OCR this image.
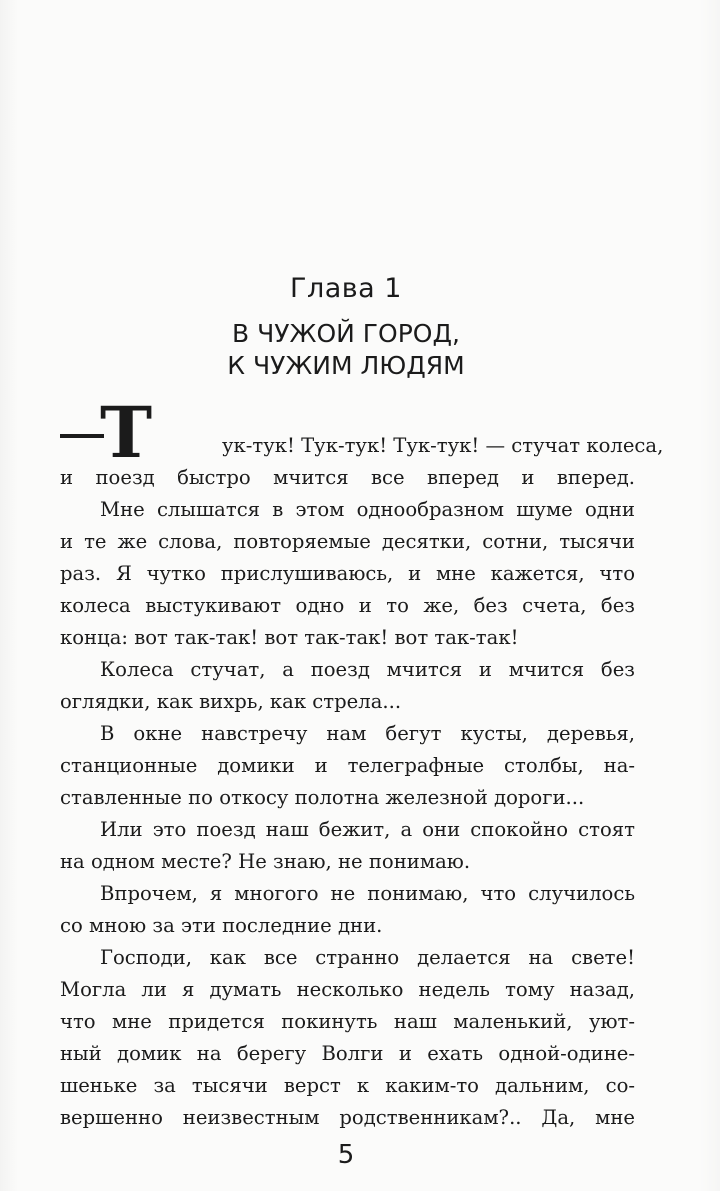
Глава 1
В ЧУЖОЙ ГОРОД,
К ЧУЖИМ ЛЮДЯМ
Т	ук-тук! Тук-тук! Тук-тук! — стучат колеса,
и поезд быстро мчится все вперед и вперед.
Мне слышатся в этом однообразном шуме одни
и те же слова, повторяемые десятки, сотни, тысячи
раз. Я чутко прислушиваюсь, и мне кажется, что
колеса выстукивают одно и то же, без счета, без
конца: вот так-так! вот так-так! вот так-так!
Колеса стучат, а поезд мчится и мчится без
оглядки, как вихрь, как стрела...
В окне навстречу нам бегут кусты, деревья,
станционные домики и телеграфные столбы, на-
ставленные по откосу полотна железной дороги...
Или это поезд наш бежит, а они спокойно стоят
на одном месте? Не знаю, не понимаю.
Впрочем, я многого не понимаю, что случилось
со мною за эти последние дни.
Господи, как все странно делается на свете!
Могла ли я думать несколько недель тому назад,
что мне придется покинуть наш маленький, уют-
ный домик на берегу Волги и ехать одной-одине-
шеньке за тысячи верст к каким-то дальним, со-
вершенно неизвестным родственникам?.. Да, мне
5
